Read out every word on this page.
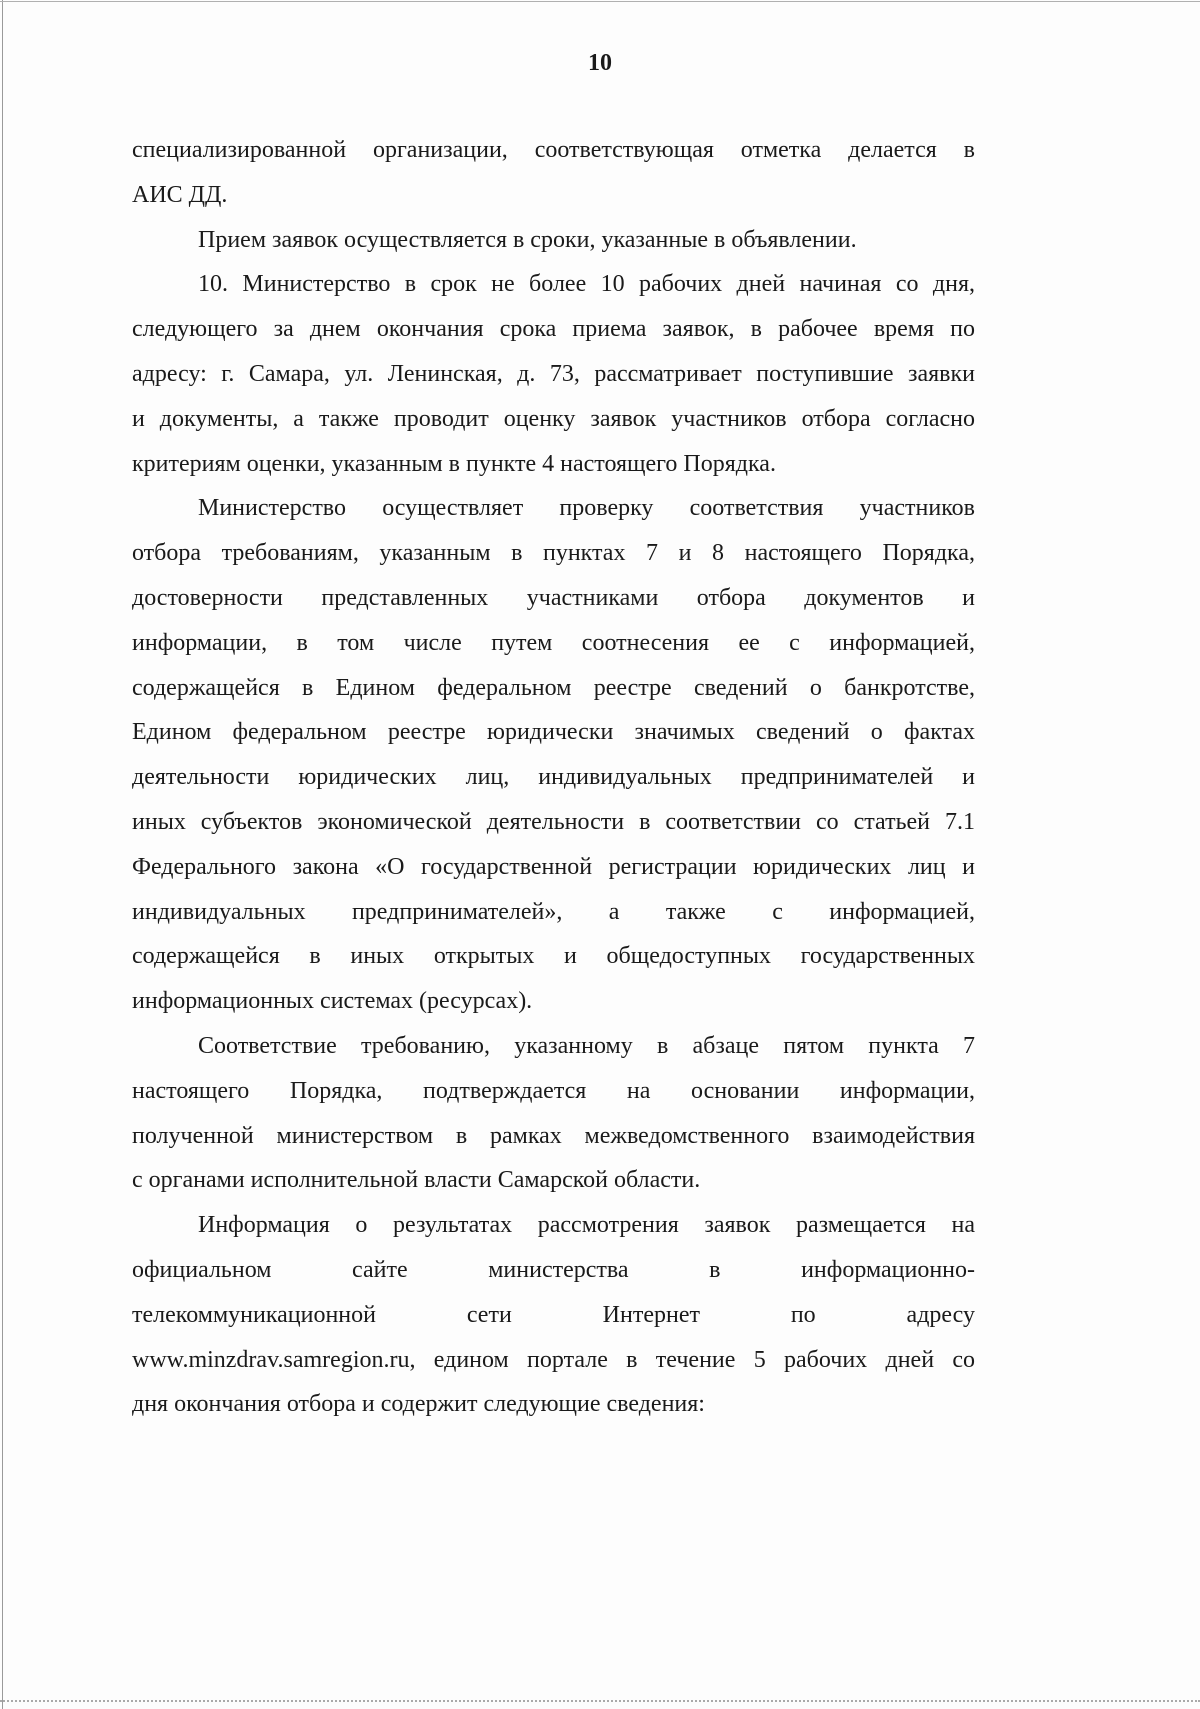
10
специализированной организации, соответствующая отметка делается в
АИС ДД.
Прием заявок осуществляется в сроки, указанные в объявлении.
10. Министерство в срок не более 10 рабочих дней начиная со дня,
следующего за днем окончания срока приема заявок, в рабочее время по
адресу: г. Самара, ул. Ленинская, д. 73, рассматривает поступившие заявки
и документы, а также проводит оценку заявок участников отбора согласно
критериям оценки, указанным в пункте 4 настоящего Порядка.
Министерство осуществляет проверку соответствия участников
отбора требованиям, указанным в пунктах 7 и 8 настоящего Порядка,
достоверности представленных участниками отбора документов и
информации, в том числе путем соотнесения ее с информацией,
содержащейся в Едином федеральном реестре сведений о банкротстве,
Едином федеральном реестре юридически значимых сведений о фактах
деятельности юридических лиц, индивидуальных предпринимателей и
иных субъектов экономической деятельности в соответствии со статьей 7.1
Федерального закона «О государственной регистрации юридических лиц и
индивидуальных предпринимателей», а также с информацией,
содержащейся в иных открытых и общедоступных государственных
информационных системах (ресурсах).
Соответствие требованию, указанному в абзаце пятом пункта 7
настоящего Порядка, подтверждается на основании информации,
полученной министерством в рамках межведомственного взаимодействия
с органами исполнительной власти Самарской области.
Информация о результатах рассмотрения заявок размещается на
официальном сайте министерства в информационно-
телекоммуникационной сети Интернет по адресу
www.minzdrav.samregion.ru, едином портале в течение 5 рабочих дней со
дня окончания отбора и содержит следующие сведения:
